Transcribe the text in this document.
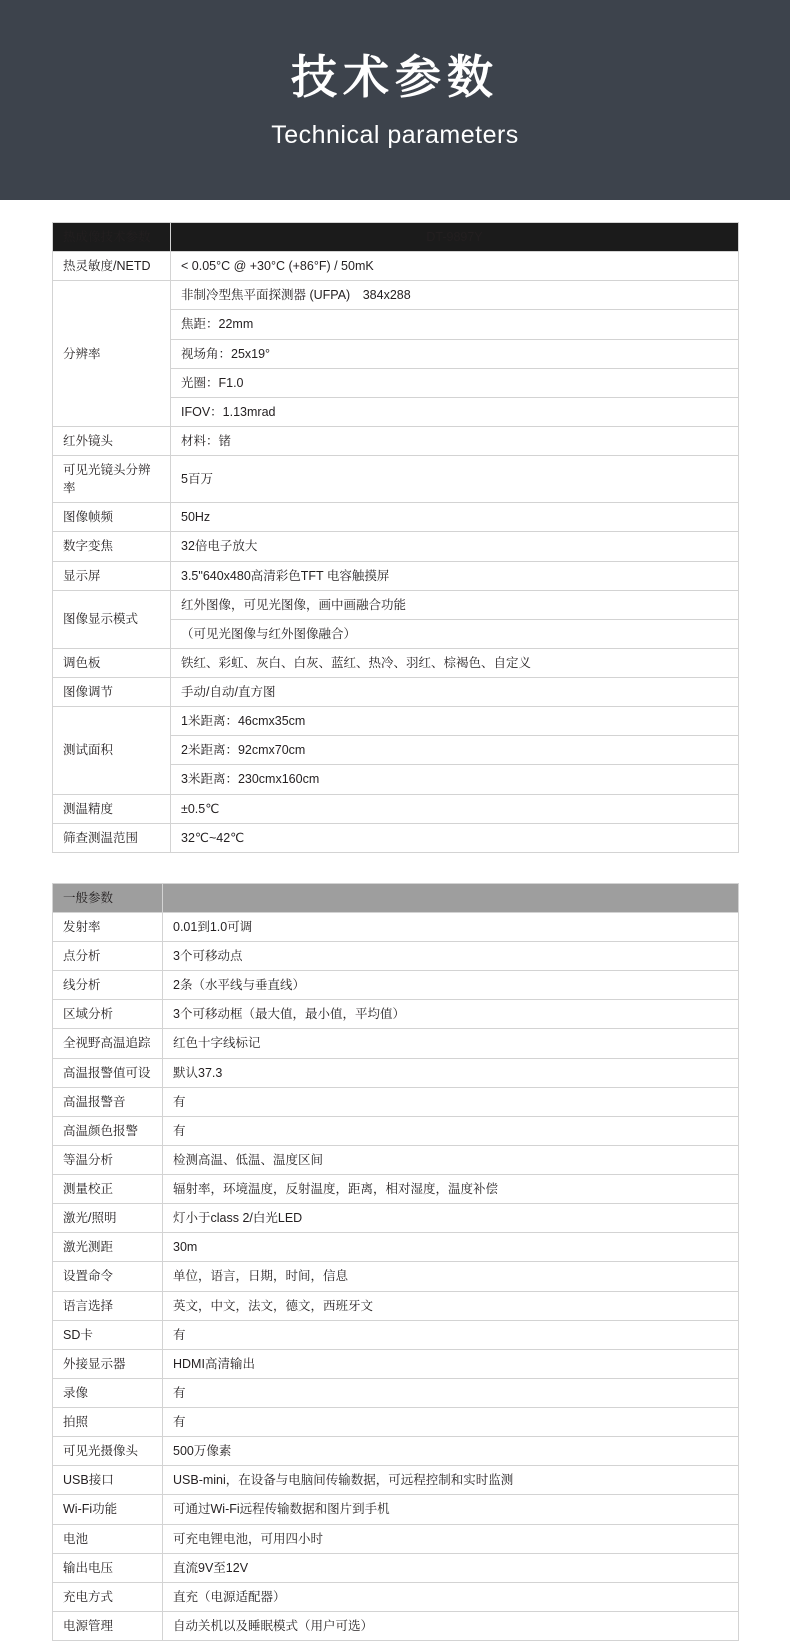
技术参数
Technical parameters
热成像技术参数	DT-9897Y
热灵敏度/NETD	< 0.05°C @ +30°C (+86°F) / 50mK
分辨率	非制冷型焦平面探测器 (UFPA)　384x288
	焦距：22mm
	视场角：25x19°
	光圈：F1.0
	IFOV：1.13mrad
红外镜头	材料：锗
可见光镜头分辨率	5百万
图像帧频	50Hz
数字变焦	32倍电子放大
显示屏	3.5"640x480高清彩色TFT 电容触摸屏
图像显示模式	红外图像，可见光图像，画中画融合功能
	（可见光图像与红外图像融合）
调色板	铁红、彩虹、灰白、白灰、蓝红、热冷、羽红、棕褐色、自定义
图像调节	手动/自动/直方图
测试面积	1米距离：46cmx35cm
	2米距离：92cmx70cm
	3米距离：230cmx160cm
测温精度	±0.5℃
筛查测温范围	32℃~42℃
一般参数	
发射率	0.01到1.0可调
点分析	3个可移动点
线分析	2条（水平线与垂直线）
区域分析	3个可移动框（最大值，最小值，平均值）
全视野高温追踪	红色十字线标记
高温报警值可设	默认37.3
高温报警音	有
高温颜色报警	有
等温分析	检测高温、低温、温度区间
测量校正	辐射率，环境温度，反射温度，距离，相对湿度，温度补偿
激光/照明	灯小于class 2/白光LED
激光测距	30m
设置命令	单位，语言，日期，时间，信息
语言选择	英文，中文，法文，德文，西班牙文
SD卡	有
外接显示器	HDMI高清输出
录像	有
拍照	有
可见光摄像头	500万像素
USB接口	USB-mini，在设备与电脑间传输数据，可远程控制和实时监测
Wi-Fi功能	可通过Wi-Fi远程传输数据和图片到手机
电池	可充电锂电池，可用四小时
输出电压	直流9V至12V
充电方式	直充（电源适配器）
电源管理	自动关机以及睡眠模式（用户可选）
